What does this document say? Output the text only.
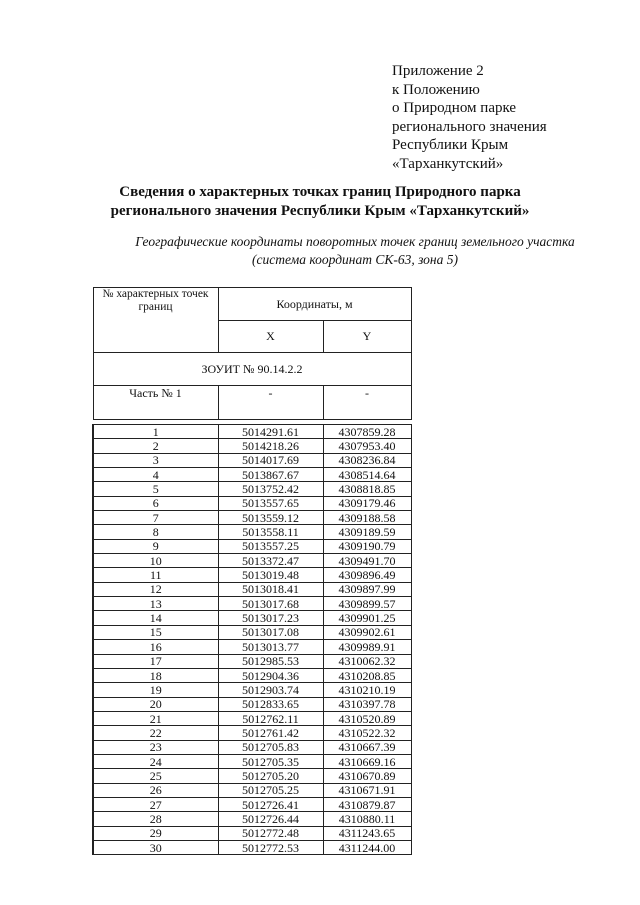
Приложение 2
к Положению
о Природном парке
регионального значения
Республики Крым
«Тарханкутский»
Сведения о характерных точках границ Природного парка
регионального значения Республики Крым «Тарханкутский»
Географические координаты поворотных точек границ земельного участка
(система координат СК-63, зона 5)
№ характерных точек границ	Координаты, м	
	X	Y
ЗОУИТ № 90.14.2.2		
Часть № 1	-	-

1	5014291.61	4307859.28
2	5014218.26	4307953.40
3	5014017.69	4308236.84
4	5013867.67	4308514.64
5	5013752.42	4308818.85
6	5013557.65	4309179.46
7	5013559.12	4309188.58
8	5013558.11	4309189.59
9	5013557.25	4309190.79
10	5013372.47	4309491.70
11	5013019.48	4309896.49
12	5013018.41	4309897.99
13	5013017.68	4309899.57
14	5013017.23	4309901.25
15	5013017.08	4309902.61
16	5013013.77	4309989.91
17	5012985.53	4310062.32
18	5012904.36	4310208.85
19	5012903.74	4310210.19
20	5012833.65	4310397.78
21	5012762.11	4310520.89
22	5012761.42	4310522.32
23	5012705.83	4310667.39
24	5012705.35	4310669.16
25	5012705.20	4310670.89
26	5012705.25	4310671.91
27	5012726.41	4310879.87
28	5012726.44	4310880.11
29	5012772.48	4311243.65
30	5012772.53	4311244.00
